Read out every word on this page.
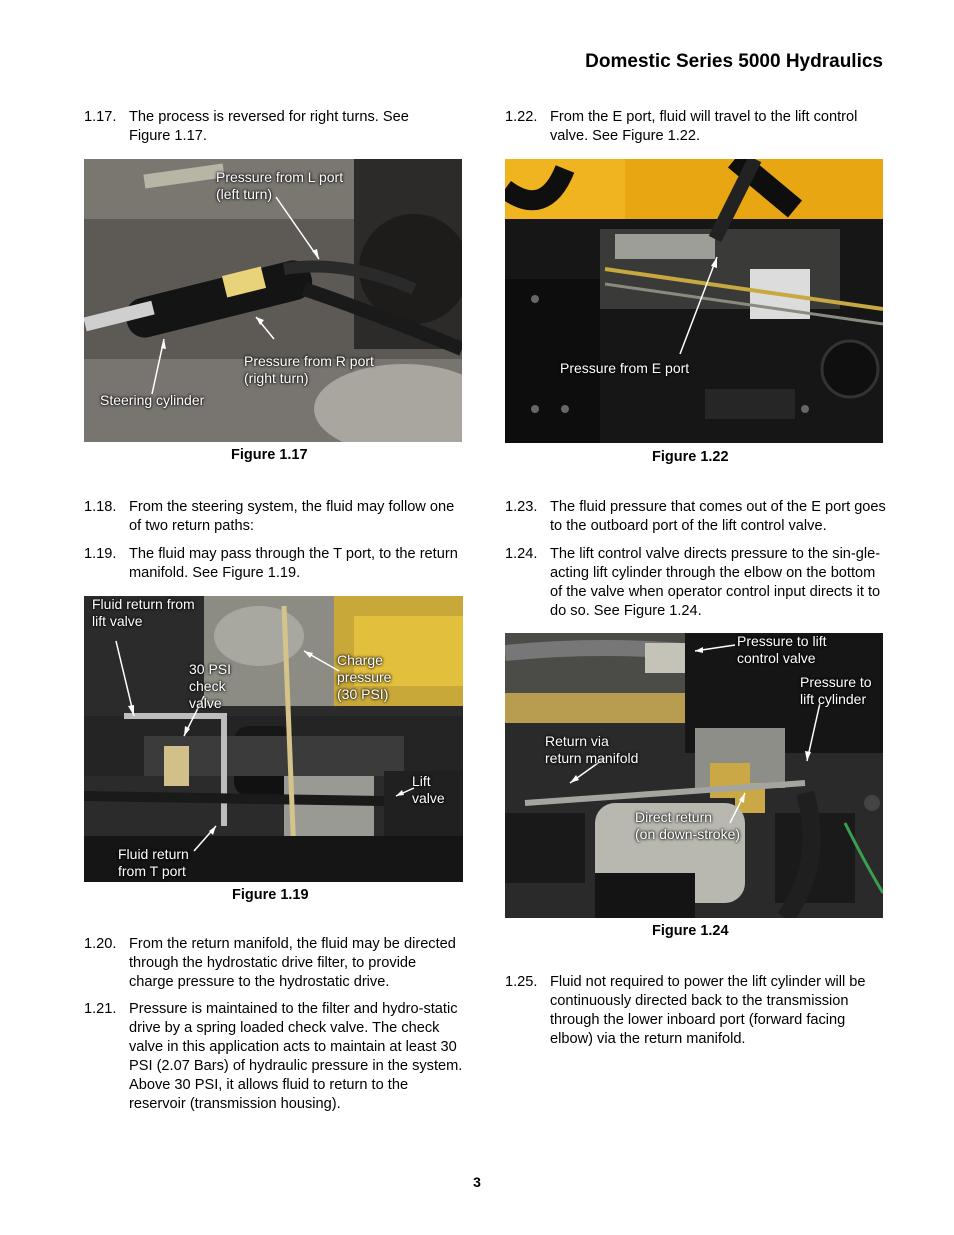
Domestic Series 5000 Hydraulics
1.17. The process is reversed for right turns. See Figure 1.17.
Pressure from L port
(left turn)
Pressure from R port
(right turn)
Steering cylinder
Figure 1.17
1.18. From the steering system, the fluid may follow one of two return paths:
1.19. The fluid may pass through the T port, to the return manifold. See Figure 1.19.
Fluid return from
lift valve
30 PSI
check
valve
Charge
pressure
(30 PSI)
Lift
valve
Fluid return
from T port
Figure 1.19
1.20. From the return manifold, the fluid may be directed through the hydrostatic drive filter, to provide charge pressure to the hydrostatic drive.
1.21. Pressure is maintained to the filter and hydro-static drive by a spring loaded check valve. The check valve in this application acts to maintain at least 30 PSI (2.07 Bars) of hydraulic pressure in the system. Above 30 PSI, it allows fluid to return to the reservoir (transmission housing).
1.22. From the E port, fluid will travel to the lift control valve. See Figure 1.22.
Pressure from E port
Figure 1.22
1.23. The fluid pressure that comes out of the E port goes to the outboard port of the lift control valve.
1.24. The lift control valve directs pressure to the sin-gle-acting lift cylinder through the elbow on the bottom of the valve when operator control input directs it to do so. See Figure 1.24.
Pressure to lift
control valve
Pressure to
lift cylinder
Return via
return manifold
Direct return
(on down-stroke)
Figure 1.24
1.25. Fluid not required to power the lift cylinder will be continuously directed back to the transmission through the lower inboard port (forward facing elbow) via the return manifold.
3
